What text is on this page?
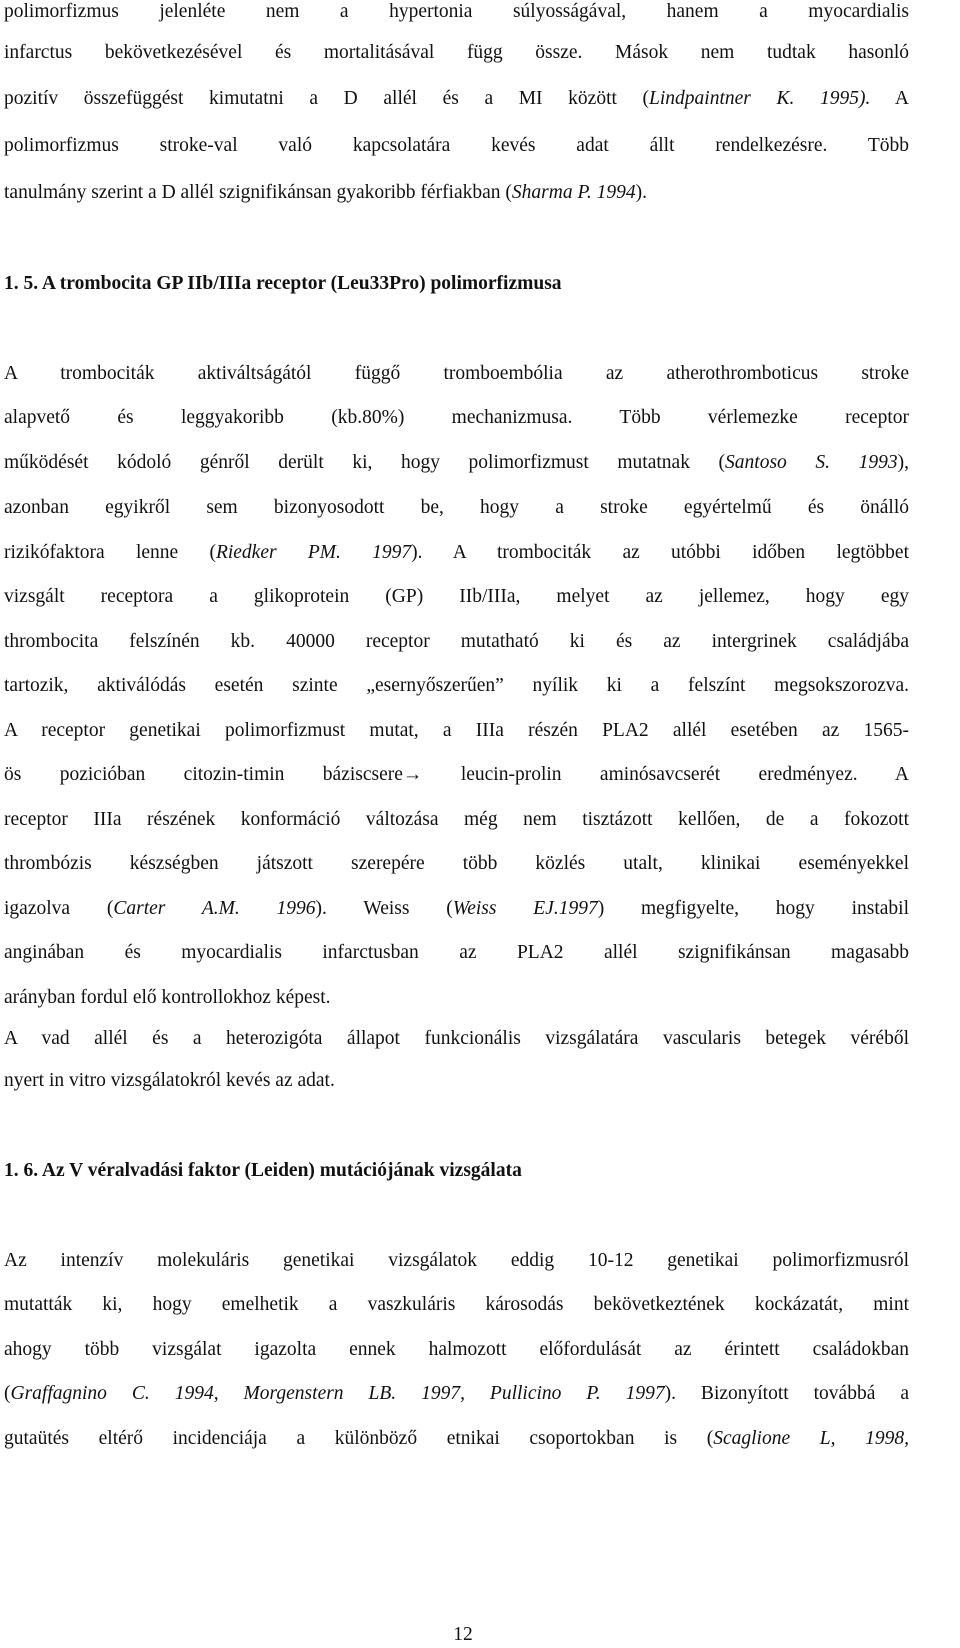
polimorfizmus jelenléte nem a hypertonia súlyosságával, hanem a myocardialis
infarctus bekövetkezésével és mortalitásával függ össze. Mások nem tudtak hasonló
pozitív összefüggést kimutatni a D allél és a MI között (Lindpaintner K. 1995). A
polimorfizmus stroke-val való kapcsolatára kevés adat állt rendelkezésre. Több
tanulmány szerint a D allél szignifikánsan gyakoribb férfiakban (Sharma P. 1994).
1. 5. A trombocita GP IIb/IIIa receptor (Leu33Pro) polimorfizmusa
A trombociták aktiváltságától függő tromboembólia az atherothromboticus stroke
alapvető és leggyakoribb (kb.80%) mechanizmusa. Több vérlemezke receptor
működését kódoló génről derült ki, hogy polimorfizmust mutatnak (Santoso S. 1993),
azonban egyikről sem bizonyosodott be, hogy a stroke egyértelmű és önálló
rizikófaktora lenne (Riedker PM. 1997). A trombociták az utóbbi időben legtöbbet
vizsgált receptora a glikoprotein (GP) IIb/IIIa, melyet az jellemez, hogy egy
thrombocita felszínén kb. 40000 receptor mutatható ki és az intergrinek családjába
tartozik, aktiválódás esetén szinte „esernyőszerűen” nyílik ki a felszínt megsokszorozva.
A receptor genetikai polimorfizmust mutat, a IIIa részén PLA2 allél esetében az 1565-
ös pozicióban citozin-timin báziscsere→ leucin-prolin aminósavcserét eredményez. A
receptor IIIa részének konformáció változása még nem tisztázott kellően, de a fokozott
thrombózis készségben játszott szerepére több közlés utalt, klinikai eseményekkel
igazolva (Carter A.M. 1996). Weiss (Weiss EJ.1997) megfigyelte, hogy instabil
anginában és myocardialis infarctusban az PLA2 allél szignifikánsan magasabb
arányban fordul elő kontrollokhoz képest.
A vad allél és a heterozigóta állapot funkcionális vizsgálatára vascularis betegek véréből
nyert in vitro vizsgálatokról kevés az adat.
1. 6. Az V véralvadási faktor (Leiden) mutációjának vizsgálata
Az intenzív molekuláris genetikai vizsgálatok eddig 10-12 genetikai polimorfizmusról
mutatták ki, hogy emelhetik a vaszkuláris károsodás bekövetkeztének kockázatát, mint
ahogy több vizsgálat igazolta ennek halmozott előfordulását az érintett családokban
(Graffagnino C. 1994, Morgenstern LB. 1997, Pullicino P. 1997). Bizonyított továbbá a
gutaütés eltérő incidenciája a különböző etnikai csoportokban is (Scaglione L, 1998,
12
